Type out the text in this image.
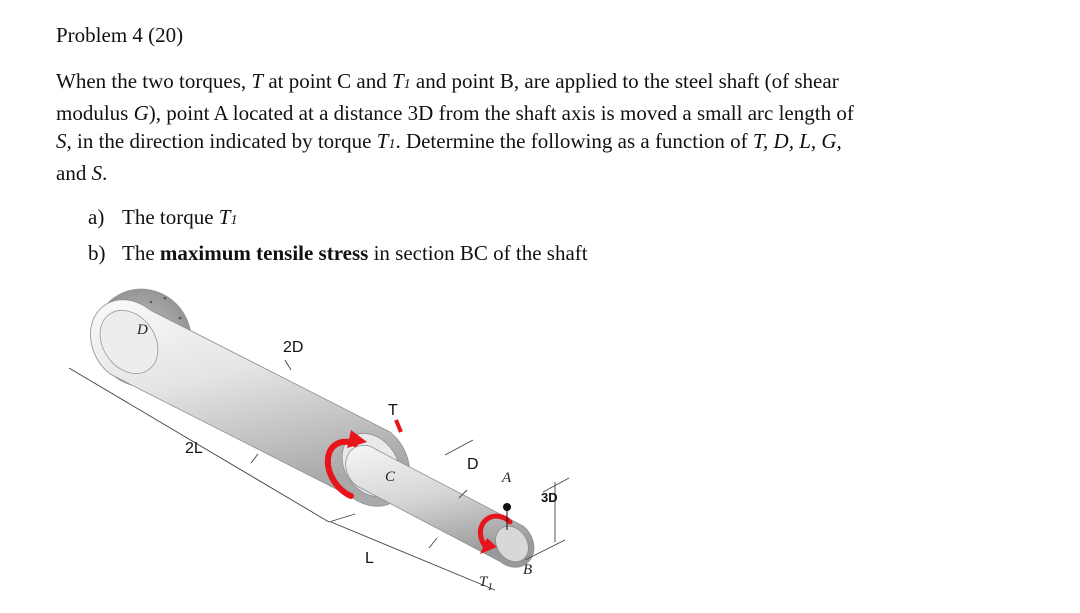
Problem 4 (20)
When the two torques, T at point C and T1 and point B, are applied to the steel shaft (of shear
modulus G), point A located at a distance 3D from the shaft axis is moved a small arc length of
S, in the direction indicated by torque T1. Determine the following as a function of T, D, L, G,
and S.
a) The torque T1
b) The maximum tensile stress in section BC of the shaft
D
2D
T
2L
D
C	A
3D
L
B
$T_1$
